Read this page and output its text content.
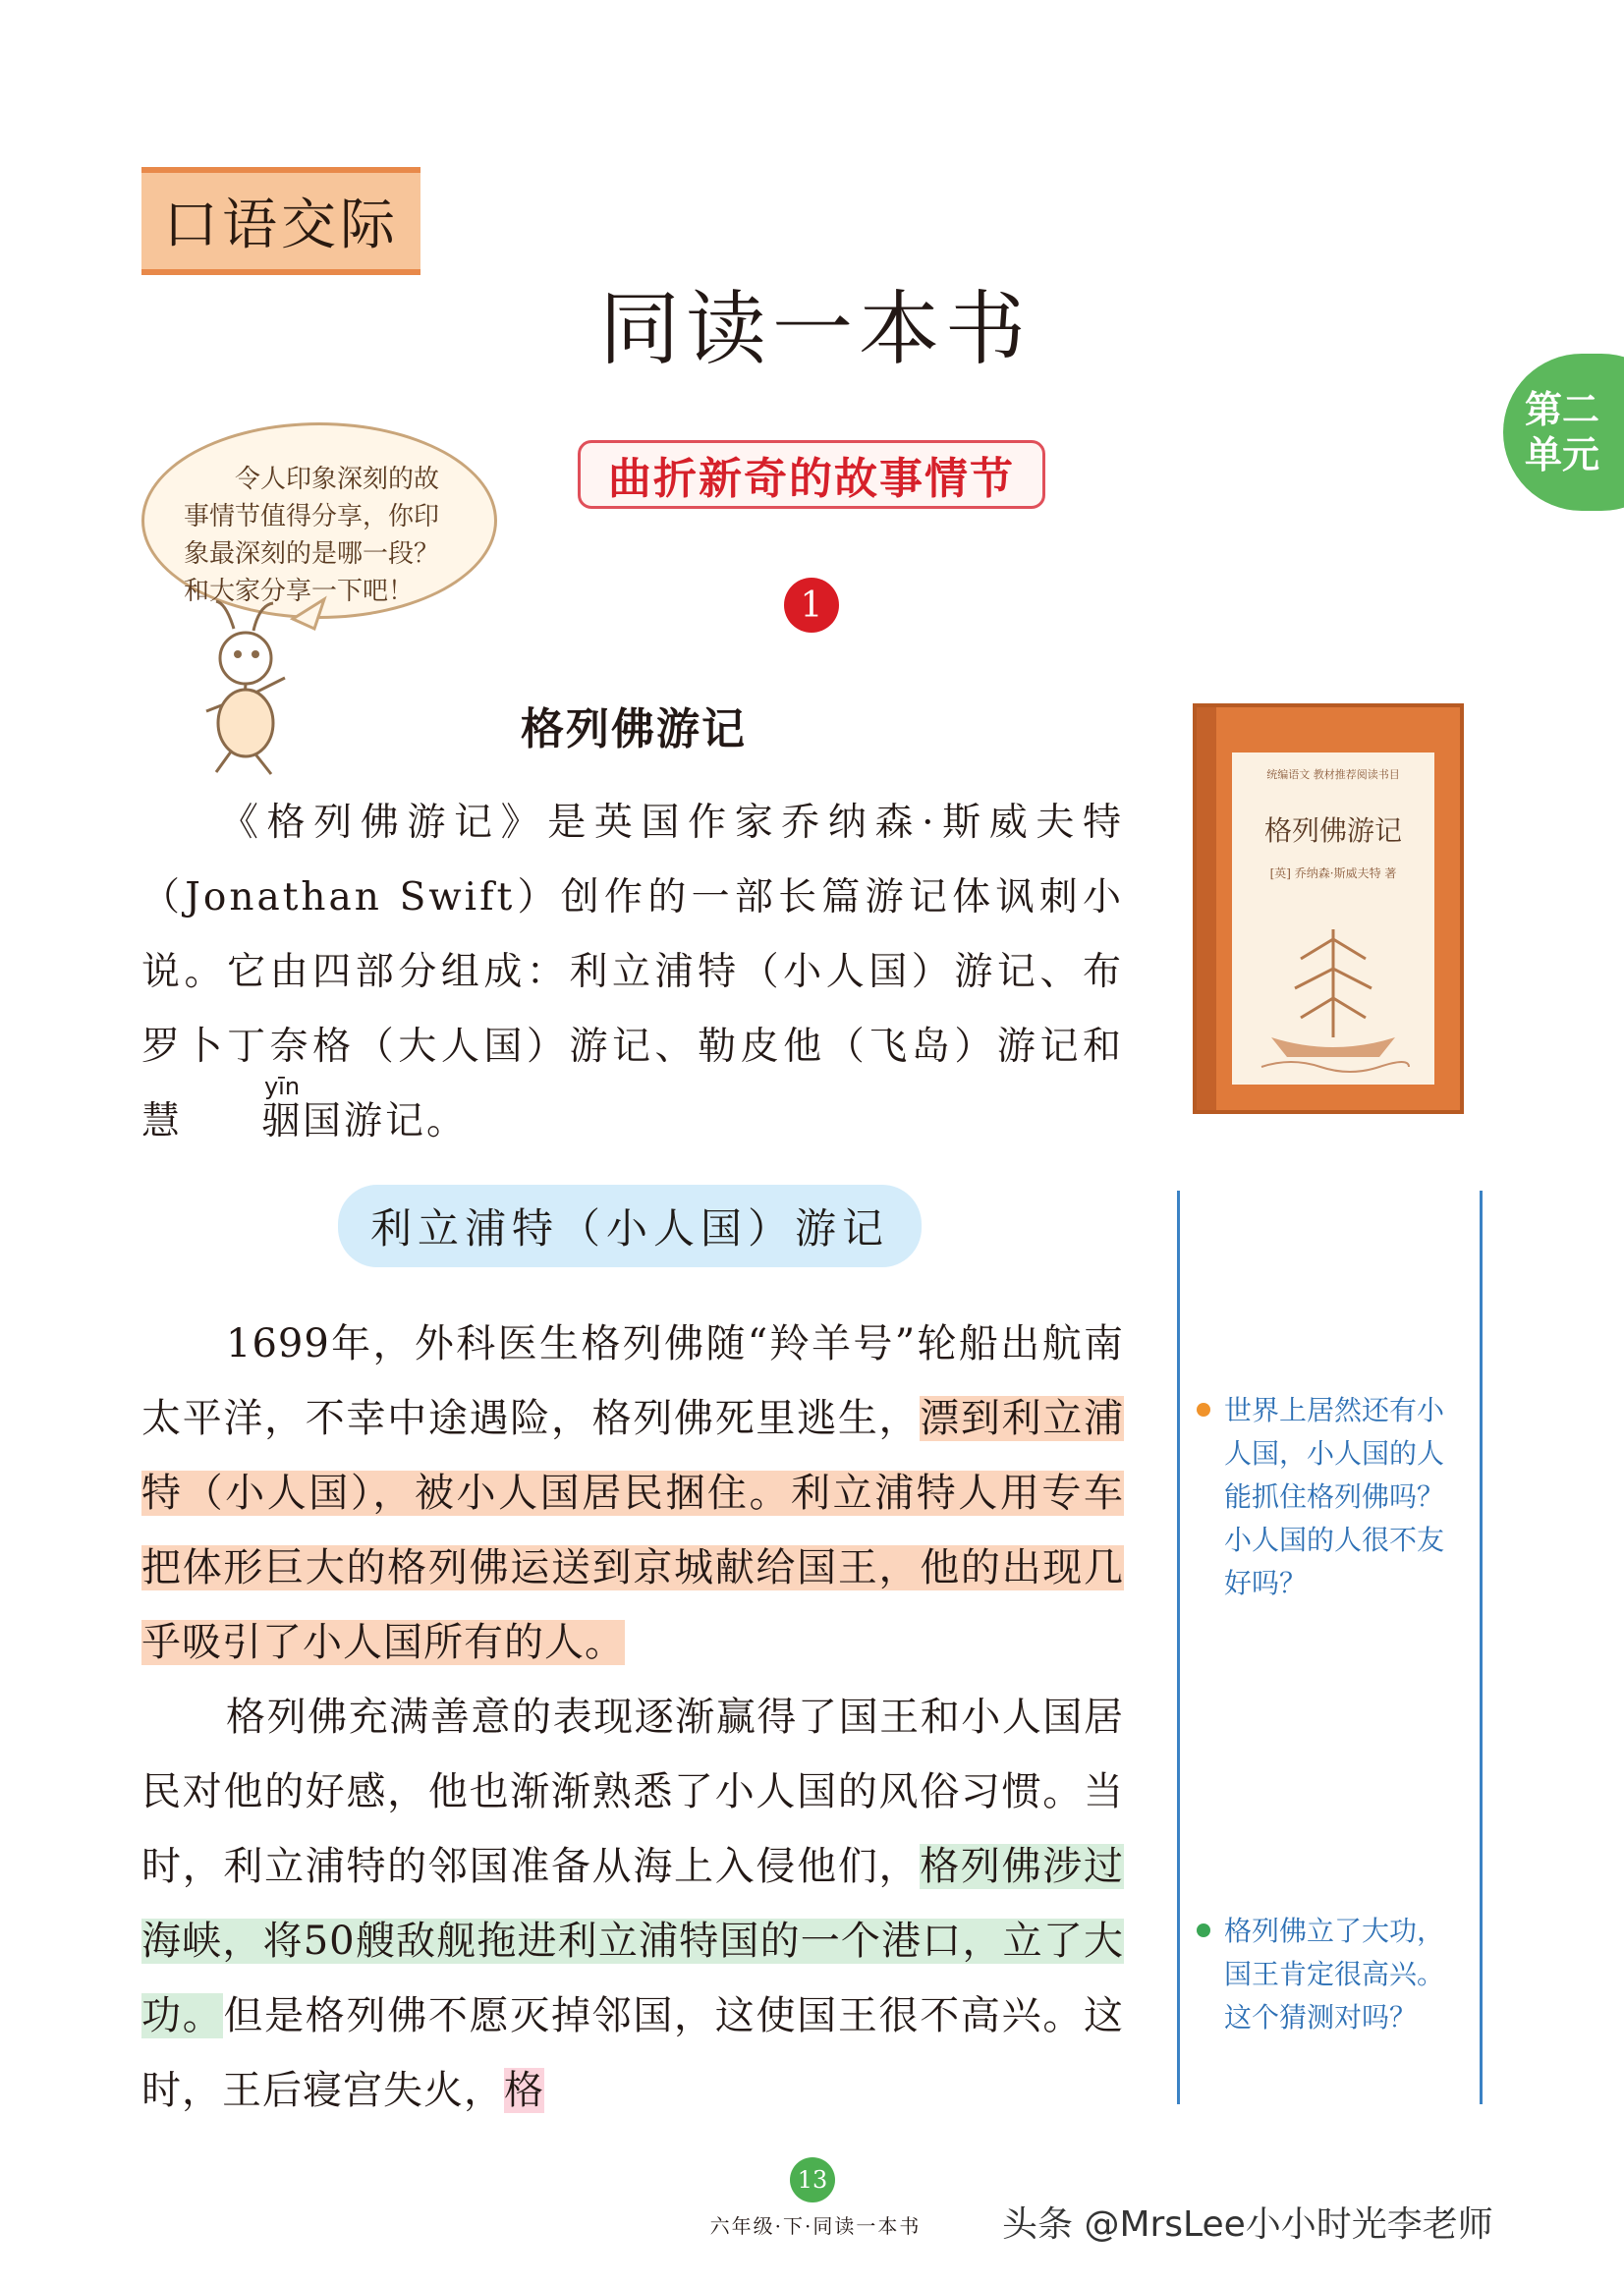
口语交际
同读一本书
第二
单元

令人印象深刻的故事情节值得分享，你印象最深刻的是哪一段？和大家分享一下吧！

曲折新奇的故事情节
1
格列佛游记

《格列佛游记》是英国作家乔纳森·斯威夫特（Jonathan Swift）创作的一部长篇游记体讽刺小说。它由四部分组成：利立浦特（小人国）游记、布罗卜丁奈格（大人国）游记、勒皮他（飞岛）游记和慧
yīn
骃国游记。

统编语文 教材推荐阅读书目
格列佛游记
[英] 乔纳森·斯威夫特 著
利立浦特（小人国）游记

1699年，外科医生格列佛随“羚羊号”轮船出航南太平洋，不幸中途遇险，格列佛死里逃生，漂到利立浦特（小人国），被小人国居民捆住。利立浦特人用专车把体形巨大的格列佛运送到京城献给国王，他的出现几乎吸引了小人国所有的人。

格列佛充满善意的表现逐渐赢得了国王和小人国居民对他的好感，他也渐渐熟悉了小人国的风俗习惯。当时，利立浦特的邻国准备从海上入侵他们，格列佛涉过海峡，将50艘敌舰拖进利立浦特国的一个港口，立了大功。但是格列佛不愿灭掉邻国，这使国王很不高兴。这时，王后寝宫失火，格

世界上居然还有小人国，小人国的人能抓住格列佛吗？小人国的人很不友好吗？

格列佛立了大功，国王肯定很高兴。这个猜测对吗？

13
六年级·下·同读一本书	头条 @MrsLee小小时光李老师
